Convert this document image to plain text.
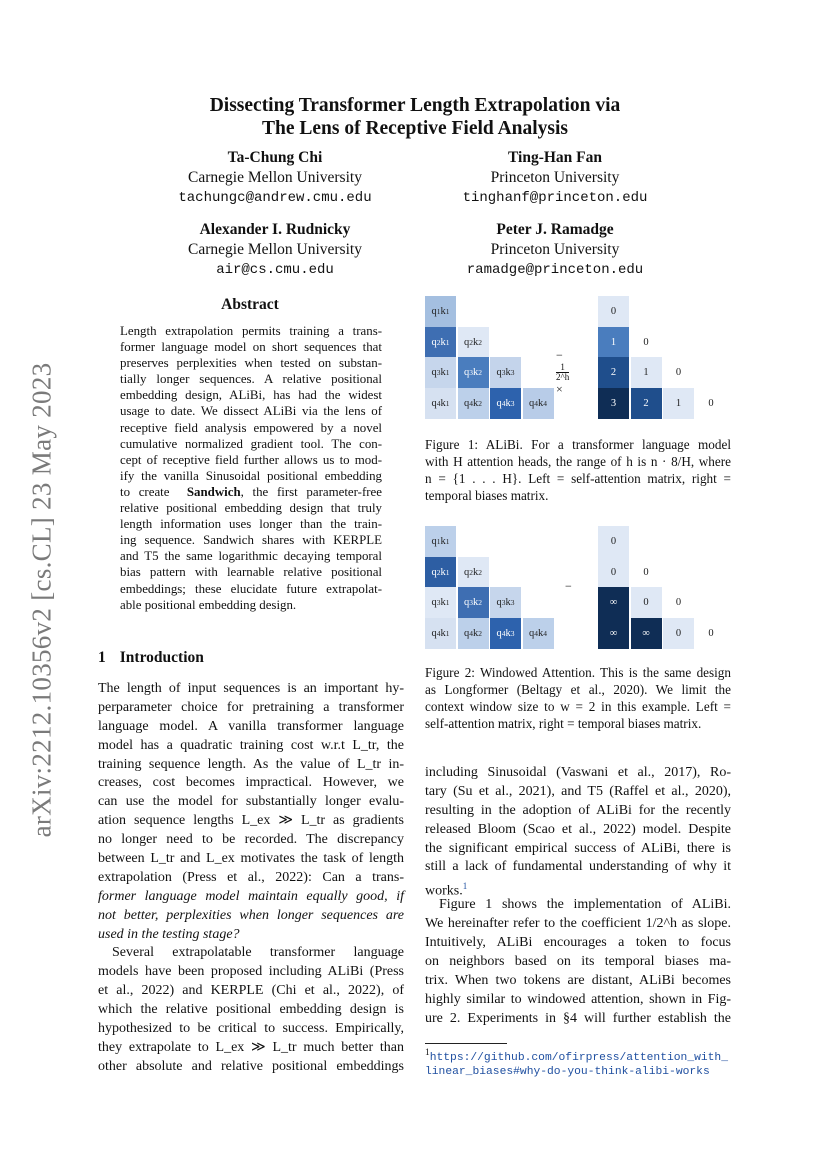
arXiv:2212.10356v2 [cs.CL] 23 May 2023
Dissecting Transformer Length Extrapolation via
The Lens of Receptive Field Analysis
Ta-Chung Chi
Carnegie Mellon University
tachungc@andrew.cmu.edu
Ting-Han Fan
Princeton University
tinghanf@princeton.edu
Alexander I. Rudnicky
Carnegie Mellon University
air@cs.cmu.edu
Peter J. Ramadge
Princeton University
ramadge@princeton.edu
Abstract
Length extrapolation permits training a trans-
former language model on short sequences that
preserves perplexities when tested on substan-
tially longer sequences. A relative positional
embedding design, ALiBi, has had the widest
usage to date. We dissect ALiBi via the lens of
receptive field analysis empowered by a novel
cumulative normalized gradient tool. The con-
cept of receptive field further allows us to mod-
ify the vanilla Sinusoidal positional embedding
to create Sandwich, the first parameter-free
relative positional embedding design that truly
length information uses longer than the train-
ing sequence. Sandwich shares with KERPLE
and T5 the same logarithmic decaying temporal
bias pattern with learnable relative positional
embeddings; these elucidate future extrapolat-
able positional embedding design.
1 Introduction
The length of input sequences is an important hy-
perparameter choice for pretraining a transformer
language model. A vanilla transformer language
model has a quadratic training cost w.r.t L_tr, the
training sequence length. As the value of L_tr in-
creases, cost becomes impractical. However, we
can use the model for substantially longer evalu-
ation sequence lengths L_ex ≫ L_tr as gradients
no longer need to be recorded. The discrepancy
between L_tr and L_ex motivates the task of length
extrapolation (Press et al., 2022): Can a trans-
former language model maintain equally good, if
not better, perplexities when longer sequences are
used in the testing stage?
Several extrapolatable transformer language
models have been proposed including ALiBi (Press
et al., 2022) and KERPLE (Chi et al., 2022), of
which the relative positional embedding design is
hypothesized to be critical to success. Empirically,
they extrapolate to L_ex ≫ L_tr much better than
other absolute and relative positional embeddings
including Sinusoidal (Vaswani et al., 2017), Ro-
tary (Su et al., 2021), and T5 (Raffel et al., 2020),
resulting in the adoption of ALiBi for the recently
released Bloom (Scao et al., 2022) model. Despite
the significant empirical success of ALiBi, there is
still a lack of fundamental understanding of why it
works.$^1$
Figure 1 shows the implementation of ALiBi.
We hereinafter refer to the coefficient 1/2^h as slope.
Intuitively, ALiBi encourages a token to focus
on neighbors based on its temporal biases ma-
trix. When two tokens are distant, ALiBi becomes
highly similar to windowed attention, shown in Fig-
ure 2. Experiments in §4 will further establish the
q 1 k 1
q 2 k 1	q 2 k 2
q 3 k 1	q 3 k 2	q 3 k 3
q 4 k 1	q 4 k 2	q 4 k 3	q 4 k 4
−
$\frac{1}{2\^{}h}$
×
0
1	0
2	1	0
3	2	1	0
Figure 1: ALiBi. For a transformer language model
with H attention heads, the range of h is n · 8/H, where
n = {1 . . . H}. Left = self-attention matrix, right =
temporal biases matrix.
q 1 k 1
q 2 k 1	q 2 k 2
q 3 k 1	q 3 k 2	q 3 k 3
q 4 k 1	q 4 k 2	q 4 k 3	q 4 k 4
−
0
0	0
∞	0	0
∞	∞	0	0
Figure 2: Windowed Attention. This is the same design
as Longformer (Beltagy et al., 2020). We limit the
context window size to w = 2 in this example. Left =
self-attention matrix, right = temporal biases matrix.
$^1$https://github.com/ofirpress/attention_with_
linear_biases#why-do-you-think-alibi-works
